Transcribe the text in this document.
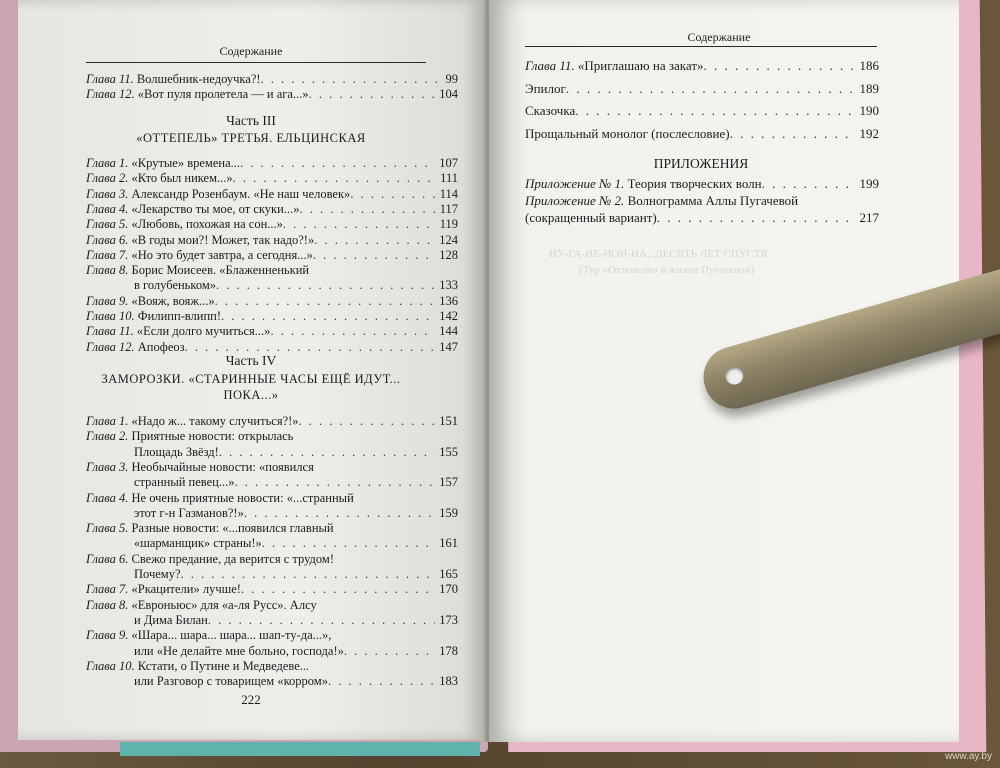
Содержание
Глава 11. Волшебник-недоучка?! . . .	99
Глава 12. «Вот пуля пролетела — и ага...» . . .	104
Часть III
«ОТТЕПЕЛЬ» ТРЕТЬЯ. ЕЛЬЦИНСКАЯ
Глава 1. «Крутые» времена... . . .	107
Глава 2. «Кто был никем...» . . .	111
Глава 3. Александр Розенбаум. «Не наш человек» . . .	114
Глава 4. «Лекарство ты мое, от скуки...» . . .	117
Глава 5. «Любовь, похожая на сон...» . . .	119
Глава 6. «В годы мои?! Может, так надо?!» . . .	124
Глава 7. «Но это будет завтра, а сегодня...» . . .	128
Глава 8. Борис Моисеев. «Блаженненький
в голубеньком» . . .	133
Глава 9. «Вояж, вояж...» . . .	136
Глава 10. Филипп-влипп! . . .	142
Глава 11. «Если долго мучиться...» . . .	144
Глава 12. Апофеоз . . .	147
Часть IV
ЗАМОРОЗКИ. «СТАРИННЫЕ ЧАСЫ ЕЩЁ ИДУТ...
ПОКА...»
Глава 1. «Надо ж... такому случиться?!» . . .	151
Глава 2. Приятные новости: открылась
Площадь Звёзд! . . .	155
Глава 3. Необычайные новости: «появился
странный певец...» . . .	157
Глава 4. Не очень приятные новости: «...странный
этот г-н Газманов?!» . . .	159
Глава 5. Разные новости: «...появился главный
«шарманщик» страны!» . . .	161
Глава 6. Свежо предание, да верится с трудом!
Почему? . . .	165
Глава 7. «Ркацители» лучше! . . .	170
Глава 8. «Евроньюс» для «а-ля Русс». Алсу
и Дима Билан . . .	173
Глава 9. «Шара... шара... шара... шап-ту-да...»,
или «Не делайте мне больно, господа!» . . .	178
Глава 10. Кстати, о Путине и Медведеве...
или Разговор с товарищем «корром» . . .	183
222
Содержание
Глава 11. «Приглашаю на закат» . . .	186
Эпилог . . .	189
Сказочка . . .	190
Прощальный монолог (послесловие) . . .	192
ПРИЛОЖЕНИЯ
Приложение № 1. Теория творческих волн . . .	199
Приложение № 2. Волнограмма Аллы Пугачевой
(сокращенный вариант) . . .	217
НУ-ГА-НЕ-ИОН-НА...ДЕСЯТЬ ЛЕТ СПУСТЯ
(Тур «Оттепели» в жизни Пугачевой)
www.ay.by
